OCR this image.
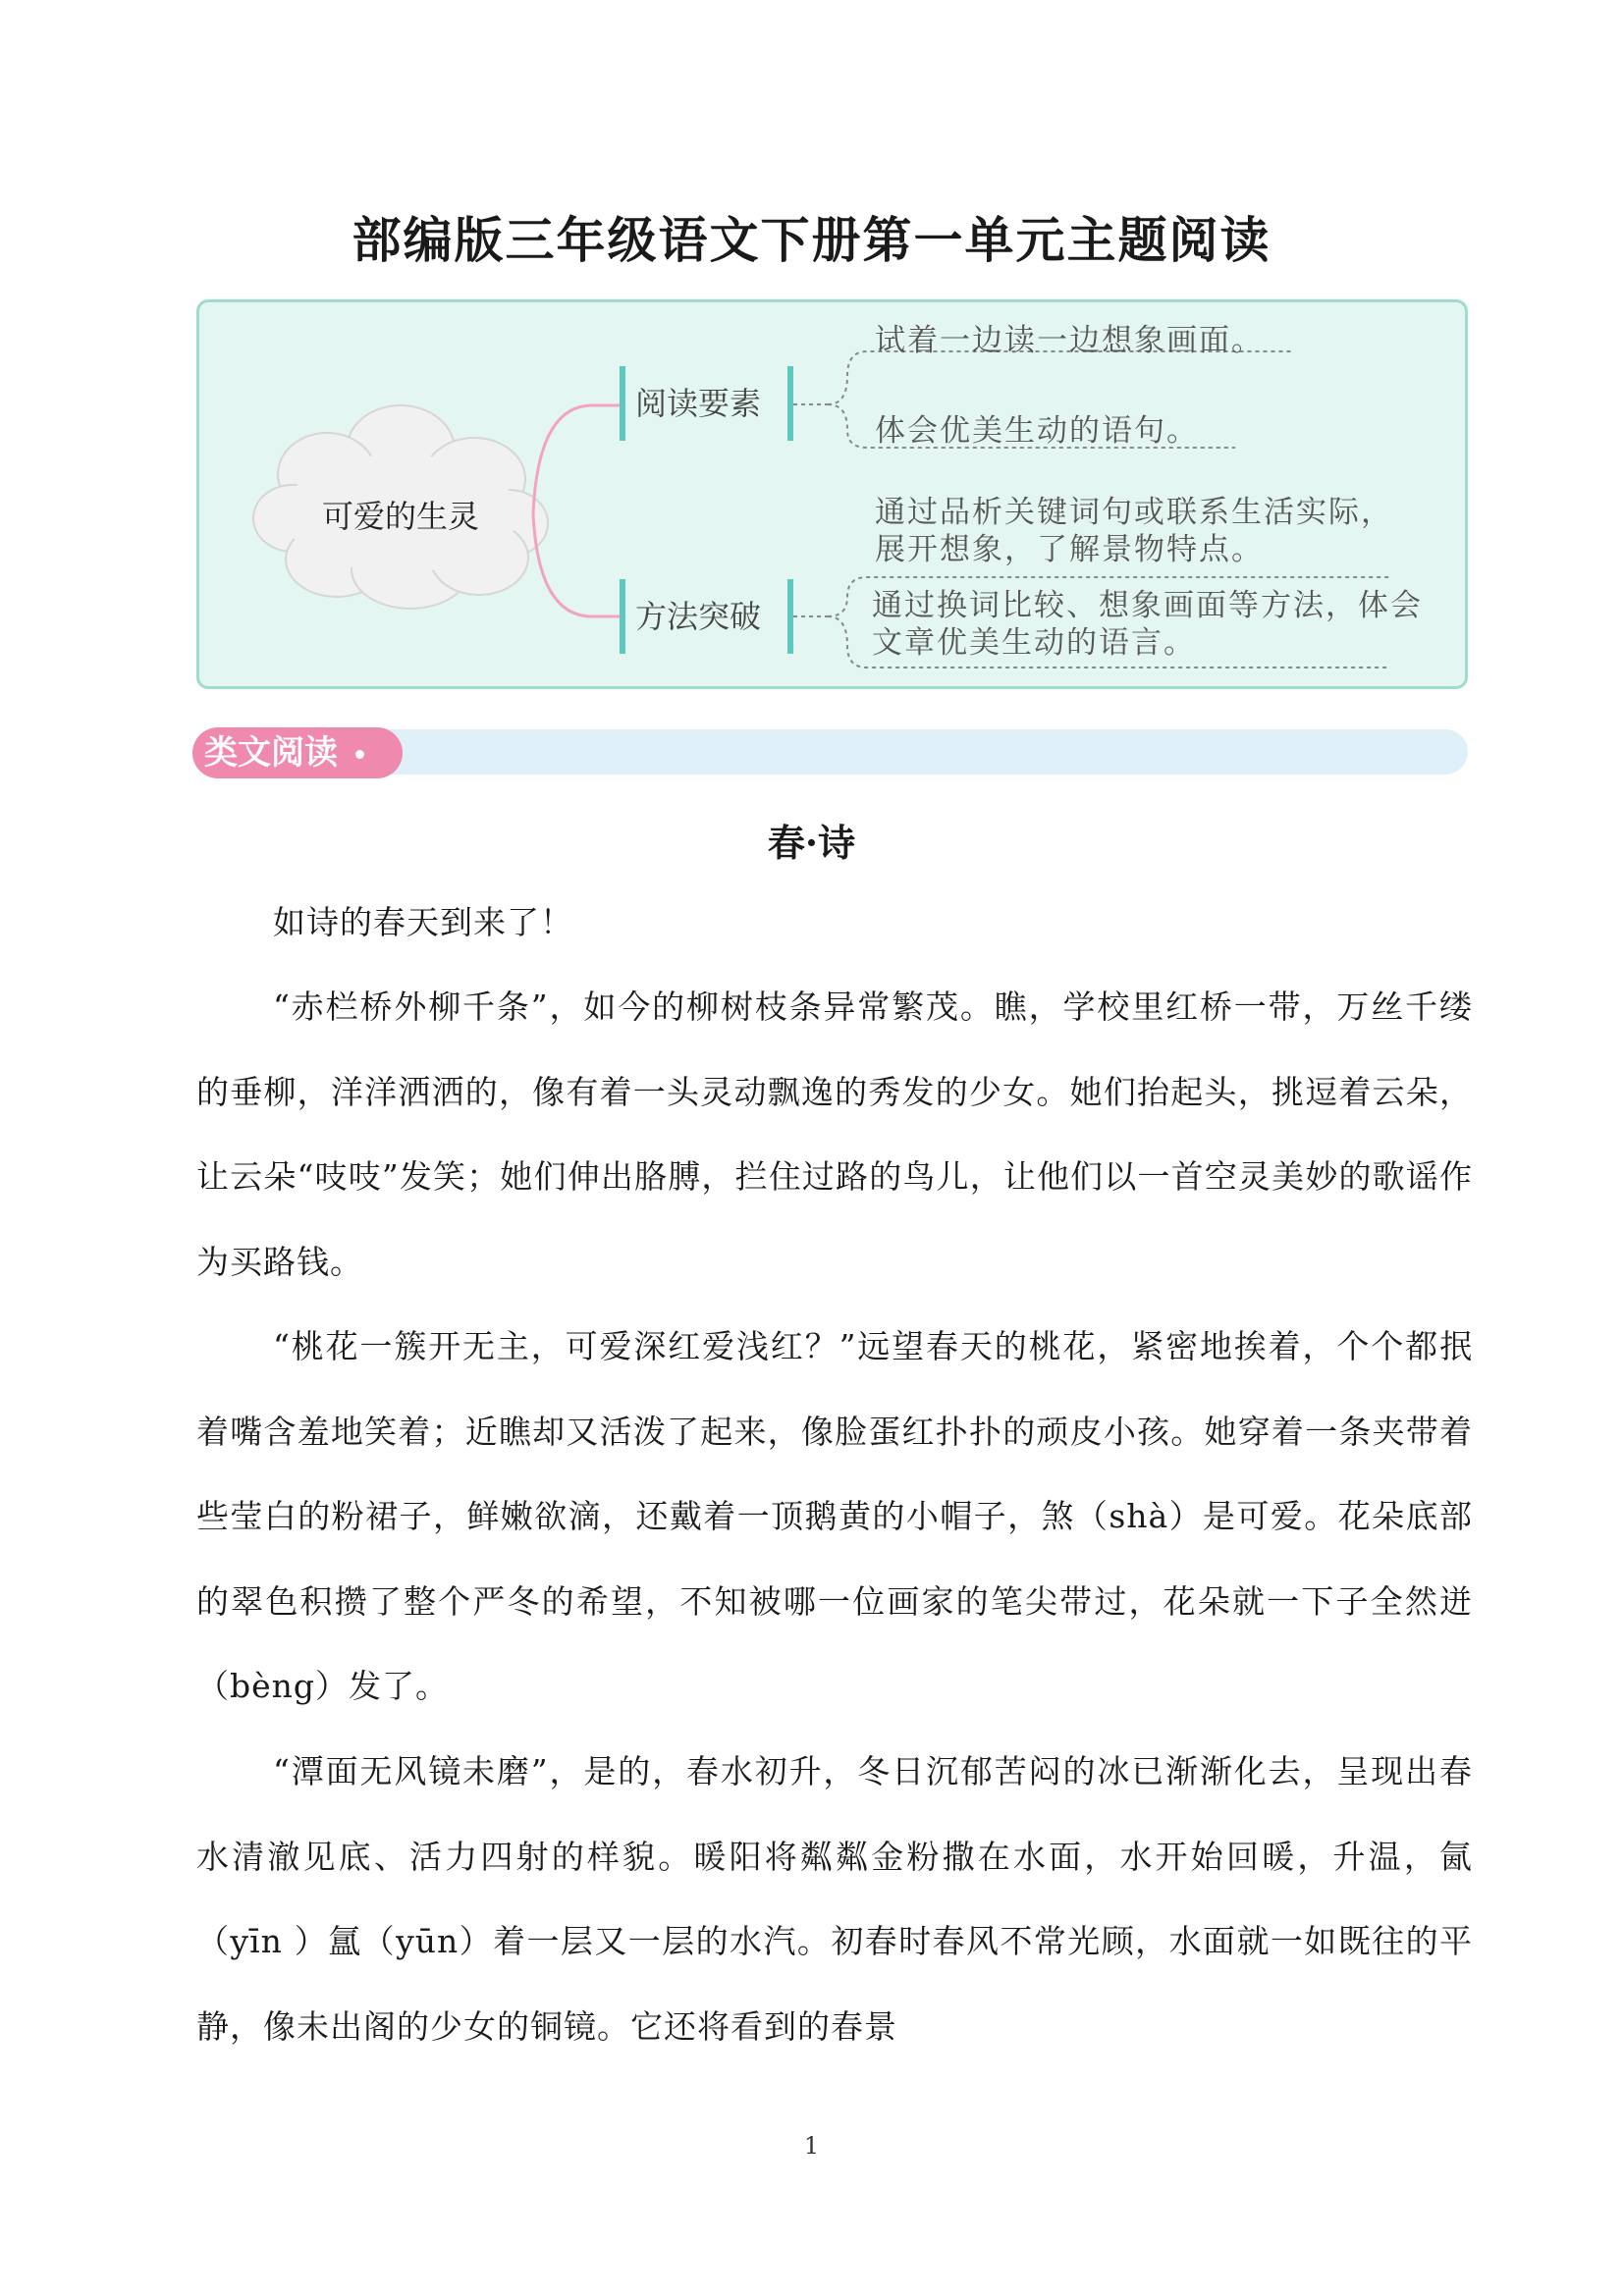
部编版三年级语文下册第一单元主题阅读
可爱的生灵
阅读要素
方法突破
试着一边读一边想象画面。
体会优美生动的语句。
通过品析关键词句或联系生活实际，展开想象，了解景物特点。
通过换词比较、想象画面等方法，体会文章优美生动的语言。
类文阅读
春·诗

如诗的春天到来了！

“赤栏桥外柳千条”，如今的柳树枝条异常繁茂。瞧，学校里红桥一带，万丝千缕的垂柳，洋洋洒洒的，像有着一头灵动飘逸的秀发的少女。她们抬起头，挑逗着云朵，让云朵“吱吱”发笑；她们伸出胳膊，拦住过路的鸟儿，让他们以一首空灵美妙的歌谣作为买路钱。

“桃花一簇开无主，可爱深红爱浅红？”远望春天的桃花，紧密地挨着，个个都抿着嘴含羞地笑着；近瞧却又活泼了起来，像脸蛋红扑扑的顽皮小孩。她穿着一条夹带着些莹白的粉裙子，鲜嫩欲滴，还戴着一顶鹅黄的小帽子，煞（shà）是可爱。花朵底部的翠色积攒了整个严冬的希望，不知被哪一位画家的笔尖带过，花朵就一下子全然迸（bèng）发了。

“潭面无风镜未磨”，是的，春水初升，冬日沉郁苦闷的冰已渐渐化去，呈现出春水清澈见底、活力四射的样貌。暖阳将粼粼金粉撒在水面，水开始回暖，升温，氤（yīn ）氲（yūn）着一层又一层的水汽。初春时春风不常光顾，水面就一如既往的平静，像未出阁的少女的铜镜。它还将看到的春景

1
